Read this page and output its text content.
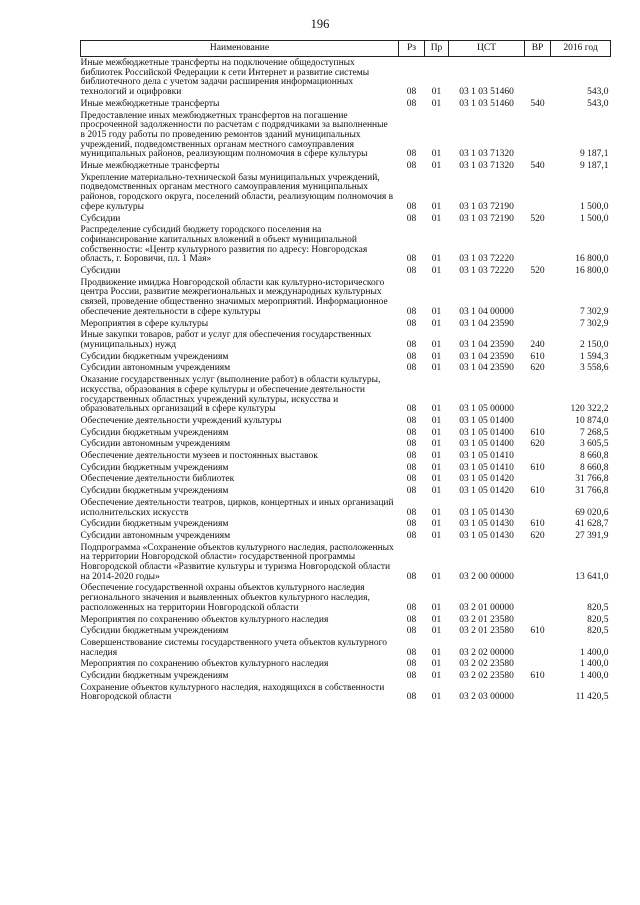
196
Наименование	Рз	Пр	ЦСТ	ВР	2016 год
Иные межбюджетные трансферты на подключение общедоступных библиотек Российской Федерации к сети Интернет и развитие системы библиотечного дела с учетом задачи расширения информационных технологий и оцифровки	08	01	03 1 03 51460		543,0
Иные межбюджетные трансферты	08	01	03 1 03 51460	540	543,0
Предоставление иных межбюджетных трансфертов на погашение просроченной задолженности по расчетам с подрядчиками за выполненные в 2015 году работы по проведению ремонтов зданий муниципальных учреждений, подведомственных органам местного самоуправления муниципальных районов, реализующим полномочия в сфере культуры	08	01	03 1 03 71320		9 187,1
Иные межбюджетные трансферты	08	01	03 1 03 71320	540	9 187,1
Укрепление материально-технической базы муниципальных учреждений, подведомственных органам местного самоуправления муниципальных районов, городского округа, поселений области, реализующим полномочия в сфере культуры	08	01	03 1 03 72190		1 500,0
Субсидии	08	01	03 1 03 72190	520	1 500,0
Распределение субсидий бюджету городского поселения на софинансирование капитальных вложений в объект муниципальной собственности: «Центр культурного развития по адресу: Новгородская область, г. Боровичи, пл. 1 Мая»	08	01	03 1 03 72220		16 800,0
Субсидии	08	01	03 1 03 72220	520	16 800,0
Продвижение имиджа Новгородской области как культурно-исторического центра России, развитие межрегиональных и международных культурных связей, проведение общественно значимых мероприятий. Информационное обеспечение деятельности в сфере культуры	08	01	03 1 04 00000		7 302,9
Мероприятия в сфере культуры	08	01	03 1 04 23590		7 302,9
Иные закупки товаров, работ и услуг для обеспечения государственных (муниципальных) нужд	08	01	03 1 04 23590	240	2 150,0
Субсидии бюджетным учреждениям	08	01	03 1 04 23590	610	1 594,3
Субсидии автономным учреждениям	08	01	03 1 04 23590	620	3 558,6
Оказание государственных услуг (выполнение работ) в области культуры, искусства, образования в сфере культуры и обеспечение деятельности государственных областных учреждений культуры, искусства и образовательных организаций в сфере культуры	08	01	03 1 05 00000		120 322,2
Обеспечение деятельности учреждений культуры	08	01	03 1 05 01400		10 874,0
Субсидии бюджетным учреждениям	08	01	03 1 05 01400	610	7 268,5
Субсидии автономным учреждениям	08	01	03 1 05 01400	620	3 605,5
Обеспечение деятельности музеев и постоянных выставок	08	01	03 1 05 01410		8 660,8
Субсидии бюджетным учреждениям	08	01	03 1 05 01410	610	8 660,8
Обеспечение деятельности библиотек	08	01	03 1 05 01420		31 766,8
Субсидии бюджетным учреждениям	08	01	03 1 05 01420	610	31 766,8
Обеспечение деятельности театров, цирков, концертных и иных организаций исполнительских искусств	08	01	03 1 05 01430		69 020,6
Субсидии бюджетным учреждениям	08	01	03 1 05 01430	610	41 628,7
Субсидии автономным учреждениям	08	01	03 1 05 01430	620	27 391,9
Подпрограмма «Сохранение объектов культурного наследия, расположенных на территории Новгородской области» государственной программы Новгородской области «Развитие культуры и туризма Новгородской области на 2014-2020 годы»	08	01	03 2 00 00000		13 641,0
Обеспечение государственной охраны объектов культурного наследия регионального значения и выявленных объектов культурного наследия, расположенных на территории Новгородской области	08	01	03 2 01 00000		820,5
Мероприятия по сохранению объектов культурного наследия	08	01	03 2 01 23580		820,5
Субсидии бюджетным учреждениям	08	01	03 2 01 23580	610	820,5
Совершенствование системы государственного учета объектов культурного наследия	08	01	03 2 02 00000		1 400,0
Мероприятия по сохранению объектов культурного наследия	08	01	03 2 02 23580		1 400,0
Субсидии бюджетным учреждениям	08	01	03 2 02 23580	610	1 400,0
Сохранение объектов культурного наследия, находящихся в собственности Новгородской области	08	01	03 2 03 00000		11 420,5
